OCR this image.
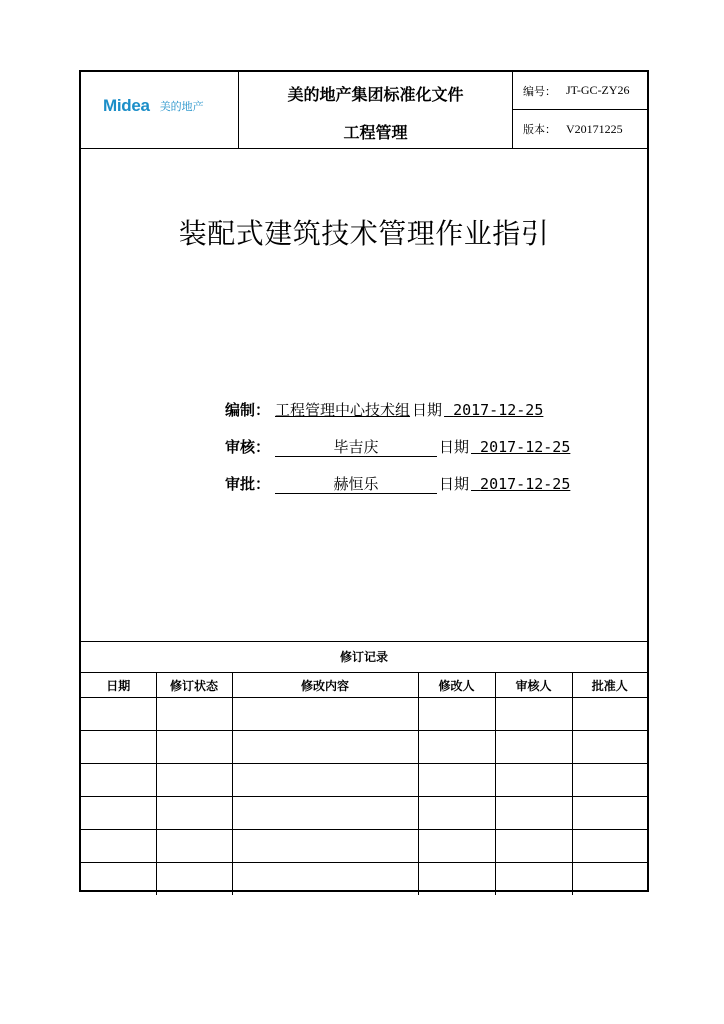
Midea 美的地产
美的地产集团标准化文件
工程管理
编号： JT-GC-ZY26
版本： V20171225
装配式建筑技术管理作业指引
编制： 工程管理中心技术组 日期 2017-12-25
审核：	毕吉庆	日期 2017-12-25
审批：	赫恒乐	日期 2017-12-25
修订记录
日期	修订状态	修改内容	修改人	审核人	批准人
